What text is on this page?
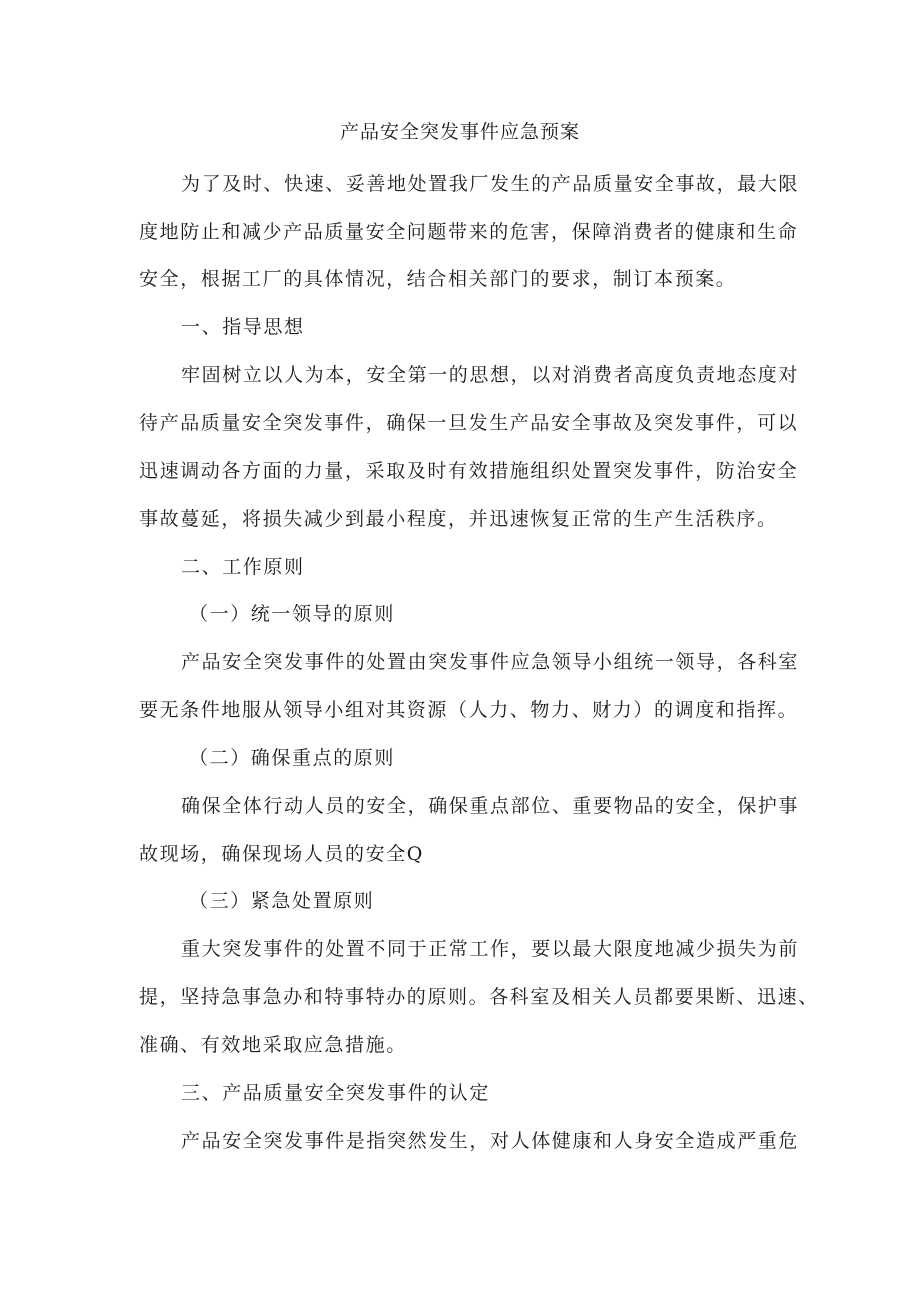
产品安全突发事件应急预案
为了及时、快速、妥善地处置我厂发生的产品质量安全事故，最大限
度地防止和减少产品质量安全问题带来的危害，保障消费者的健康和生命
安全，根据工厂的具体情况，结合相关部门的要求，制订本预案。
一、指导思想
牢固树立以人为本，安全第一的思想，以对消费者高度负责地态度对
待产品质量安全突发事件，确保一旦发生产品安全事故及突发事件，可以
迅速调动各方面的力量，采取及时有效措施组织处置突发事件，防治安全
事故蔓延，将损失减少到最小程度，并迅速恢复正常的生产生活秩序。
二、工作原则
（一）统一领导的原则
产品安全突发事件的处置由突发事件应急领导小组统一领导，各科室
要无条件地服从领导小组对其资源（人力、物力、财力）的调度和指挥。
（二）确保重点的原则
确保全体行动人员的安全，确保重点部位、重要物品的安全，保护事
故现场，确保现场人员的安全Q
（三）紧急处置原则
重大突发事件的处置不同于正常工作，要以最大限度地减少损失为前
提，坚持急事急办和特事特办的原则。各科室及相关人员都要果断、迅速、
准确、有效地采取应急措施。
三、产品质量安全突发事件的认定
产品安全突发事件是指突然发生，对人体健康和人身安全造成严重危
